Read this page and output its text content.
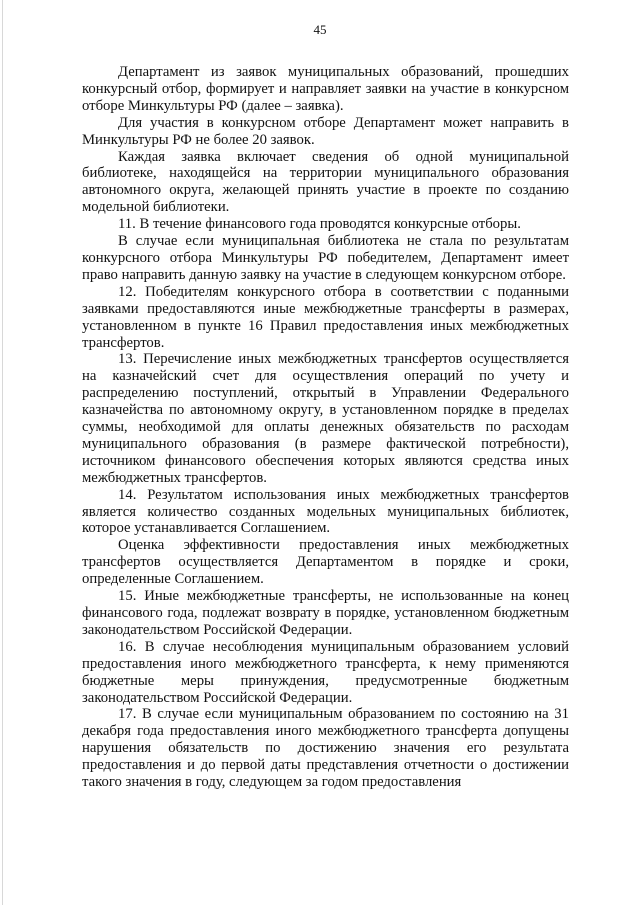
45

Департамент из заявок муниципальных образований, прошедших конкурсный отбор, формирует и направляет заявки на участие в конкурсном отборе Минкультуры РФ (далее – заявка).

Для участия в конкурсном отборе Департамент может направить в Минкультуры РФ не более 20 заявок.

Каждая заявка включает сведения об одной муниципальной библиотеке, находящейся на территории муниципального образования автономного округа, желающей принять участие в проекте по созданию модельной библиотеки.

11. В течение финансового года проводятся конкурсные отборы.

В случае если муниципальная библиотека не стала по результатам конкурсного отбора Минкультуры РФ победителем, Департамент имеет право направить данную заявку на участие в следующем конкурсном отборе.

12. Победителям конкурсного отбора в соответствии с поданными заявками предоставляются иные межбюджетные трансферты в размерах, установленном в пункте 16 Правил предоставления иных межбюджетных трансфертов.

13. Перечисление иных межбюджетных трансфертов осуществляется на казначейский счет для осуществления операций по учету и распределению поступлений, открытый в Управлении Федерального казначейства по автономному округу, в установленном порядке в пределах суммы, необходимой для оплаты денежных обязательств по расходам муниципального образования (в размере фактической потребности), источником финансового обеспечения которых являются средства иных межбюджетных трансфертов.

14. Результатом использования иных межбюджетных трансфертов является количество созданных модельных муниципальных библиотек, которое устанавливается Соглашением.

Оценка эффективности предоставления иных межбюджетных трансфертов осуществляется Департаментом в порядке и сроки, определенные Соглашением.

15. Иные межбюджетные трансферты, не использованные на конец финансового года, подлежат возврату в порядке, установленном бюджетным законодательством Российской Федерации.

16. В случае несоблюдения муниципальным образованием условий предоставления иного межбюджетного трансферта, к нему применяются бюджетные меры принуждения, предусмотренные бюджетным законодательством Российской Федерации.

17. В случае если муниципальным образованием по состоянию на 31 декабря года предоставления иного межбюджетного трансферта допущены нарушения обязательств по достижению значения его результата предоставления и до первой даты представления отчетности о достижении такого значения в году, следующем за годом предоставления
